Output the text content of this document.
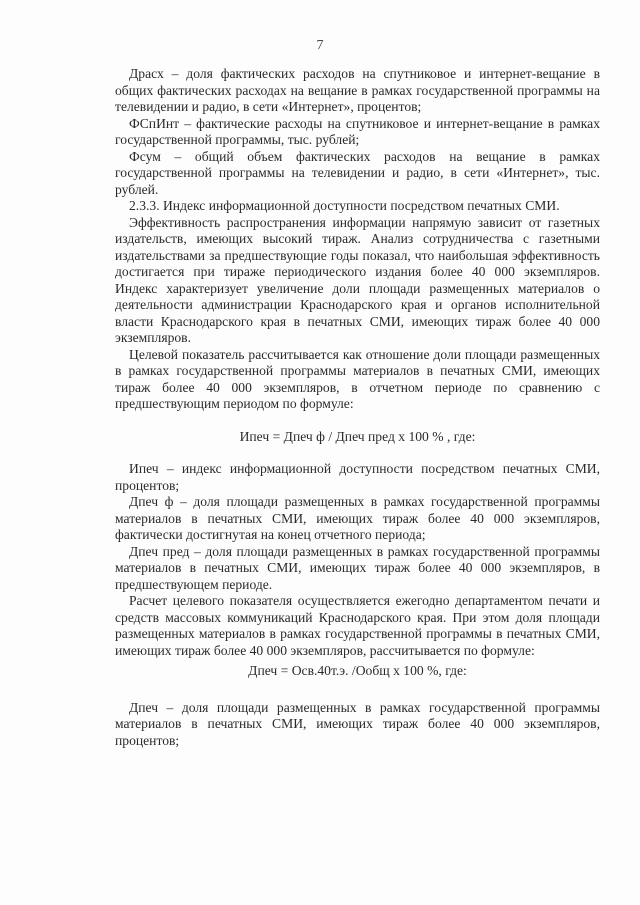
7

Драсх – доля фактических расходов на спутниковое и интернет-вещание в общих фактических расходах на вещание в рамках государственной программы на телевидении и радио, в сети «Интернет», процентов;

ФСпИнт – фактические расходы на спутниковое и интернет-вещание в рамках государственной программы, тыс. рублей;

Фсум – общий объем фактических расходов на вещание в рамках государственной программы на телевидении и радио, в сети «Интернет», тыс. рублей.

2.3.3. Индекс информационной доступности посредством печатных СМИ.

Эффективность распространения информации напрямую зависит от газетных издательств, имеющих высокий тираж. Анализ сотрудничества с газетными издательствами за предшествующие годы показал, что наибольшая эффективность достигается при тираже периодического издания более 40 000 экземпляров. Индекс характеризует увеличение доли площади размещенных материалов о деятельности администрации Краснодарского края и органов исполнительной власти Краснодарского края в печатных СМИ, имеющих тираж более 40 000 экземпляров.

Целевой показатель рассчитывается как отношение доли площади размещенных в рамках государственной программы материалов в печатных СМИ, имеющих тираж более 40 000 экземпляров, в отчетном периоде по сравнению с предшествующим периодом по формуле:

Ипеч = Дпеч ф / Дпеч пред х 100 % , где:

Ипеч – индекс информационной доступности посредством печатных СМИ, процентов;

Дпеч ф – доля площади размещенных в рамках государственной программы материалов в печатных СМИ, имеющих тираж более 40 000 экземпляров, фактически достигнутая на конец отчетного периода;

Дпеч пред – доля площади размещенных в рамках государственной программы материалов в печатных СМИ, имеющих тираж более 40 000 экземпляров, в предшествующем периоде.

Расчет целевого показателя осуществляется ежегодно департаментом печати и средств массовых коммуникаций Краснодарского края. При этом доля площади размещенных материалов в рамках государственной программы в печатных СМИ, имеющих тираж более 40 000 экземпляров, рассчитывается по формуле:

Дпеч = Осв.40т.э. /Ообщ х 100 %, где:

Дпеч – доля площади размещенных в рамках государственной программы материалов в печатных СМИ, имеющих тираж более 40 000 экземпляров, процентов;
